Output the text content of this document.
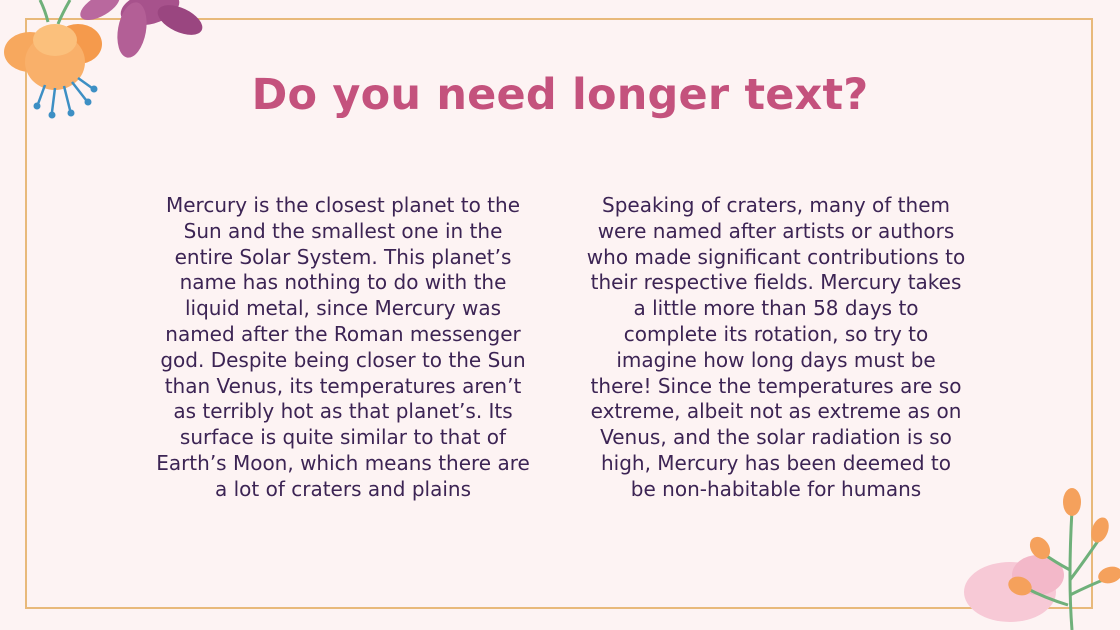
Do you need longer text?

Mercury is the closest planet to the Sun and the smallest one in the entire Solar System. This planet’s name has nothing to do with the liquid metal, since Mercury was named after the Roman messenger god. Despite being closer to the Sun than Venus, its temperatures aren’t as terribly hot as that planet’s. Its surface is quite similar to that of Earth’s Moon, which means there are a lot of craters and plains

Speaking of craters, many of them were named after artists or authors who made significant contributions to their respective fields. Mercury takes a little more than 58 days to complete its rotation, so try to imagine how long days must be there! Since the temperatures are so extreme, albeit not as extreme as on Venus, and the solar radiation is so high, Mercury has been deemed to be non-habitable for humans
